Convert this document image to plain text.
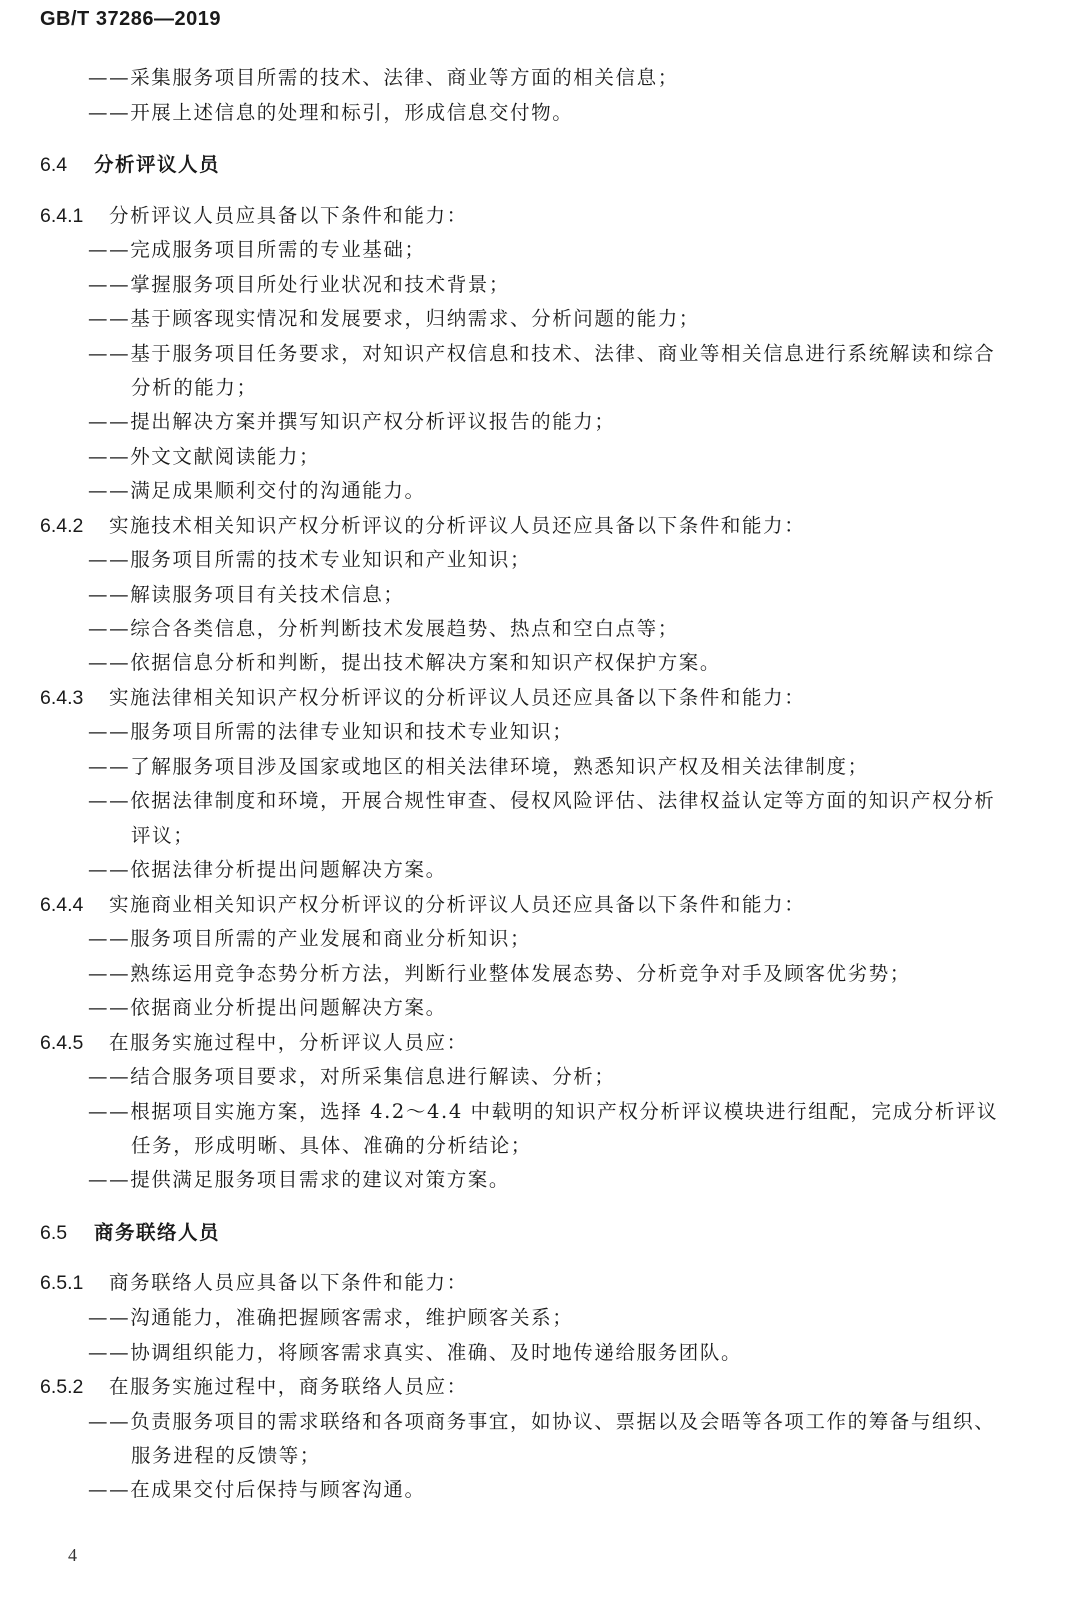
GB/T 37286—2019
——采集服务项目所需的技术、法律、商业等方面的相关信息；
——开展上述信息的处理和标引，形成信息交付物。
6.4 分析评议人员
6.4.1 分析评议人员应具备以下条件和能力：
——完成服务项目所需的专业基础；
——掌握服务项目所处行业状况和技术背景；
——基于顾客现实情况和发展要求，归纳需求、分析问题的能力；
——基于服务项目任务要求，对知识产权信息和技术、法律、商业等相关信息进行系统解读和综合
分析的能力；
——提出解决方案并撰写知识产权分析评议报告的能力；
——外文文献阅读能力；
——满足成果顺利交付的沟通能力。
6.4.2 实施技术相关知识产权分析评议的分析评议人员还应具备以下条件和能力：
——服务项目所需的技术专业知识和产业知识；
——解读服务项目有关技术信息；
——综合各类信息，分析判断技术发展趋势、热点和空白点等；
——依据信息分析和判断，提出技术解决方案和知识产权保护方案。
6.4.3 实施法律相关知识产权分析评议的分析评议人员还应具备以下条件和能力：
——服务项目所需的法律专业知识和技术专业知识；
——了解服务项目涉及国家或地区的相关法律环境，熟悉知识产权及相关法律制度；
——依据法律制度和环境，开展合规性审查、侵权风险评估、法律权益认定等方面的知识产权分析
评议；
——依据法律分析提出问题解决方案。
6.4.4 实施商业相关知识产权分析评议的分析评议人员还应具备以下条件和能力：
——服务项目所需的产业发展和商业分析知识；
——熟练运用竞争态势分析方法，判断行业整体发展态势、分析竞争对手及顾客优劣势；
——依据商业分析提出问题解决方案。
6.4.5 在服务实施过程中，分析评议人员应：
——结合服务项目要求，对所采集信息进行解读、分析；
——根据项目实施方案，选择 4.2～4.4 中载明的知识产权分析评议模块进行组配，完成分析评议
任务，形成明晰、具体、准确的分析结论；
——提供满足服务项目需求的建议对策方案。
6.5 商务联络人员
6.5.1 商务联络人员应具备以下条件和能力：
——沟通能力，准确把握顾客需求，维护顾客关系；
——协调组织能力，将顾客需求真实、准确、及时地传递给服务团队。
6.5.2 在服务实施过程中，商务联络人员应：
——负责服务项目的需求联络和各项商务事宜，如协议、票据以及会晤等各项工作的筹备与组织、
服务进程的反馈等；
——在成果交付后保持与顾客沟通。
4
